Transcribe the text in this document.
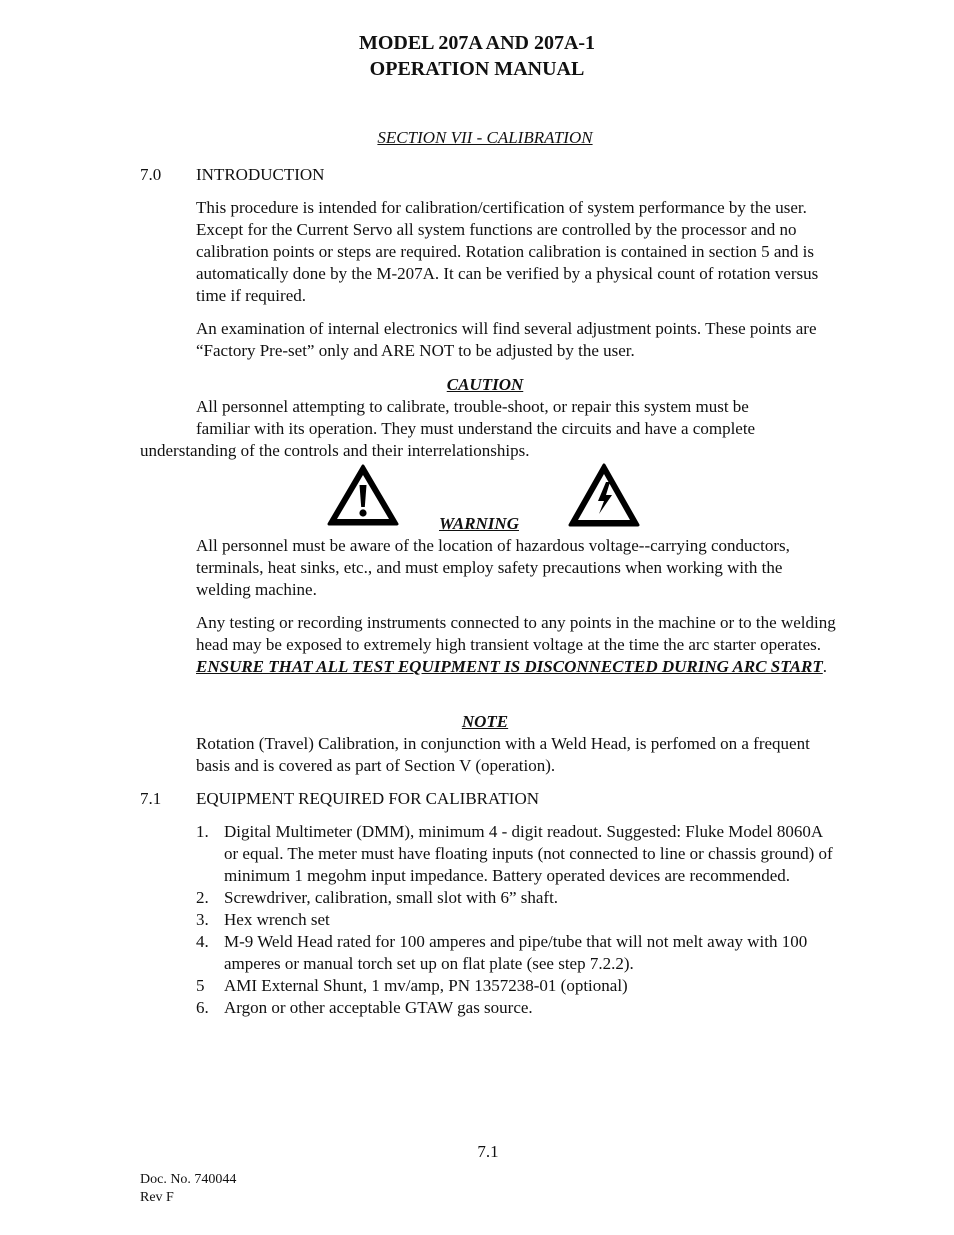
MODEL 207A AND 207A-1
OPERATION MANUAL
SECTION VII - CALIBRATION
7.0 INTRODUCTION

This procedure is intended for calibration/certification of system performance by the user. Except for the Current Servo all system functions are controlled by the processor and no calibration points or steps are required. Rotation calibration is contained in section 5 and is automatically done by the M-207A. It can be verified by a physical count of rotation versus time if required.

An examination of internal electronics will find several adjustment points. These points are “Factory Pre-set” only and ARE NOT to be adjusted by the user.

CAUTION
All personnel attempting to calibrate, trouble-shoot, or repair this system must be
familiar with its operation. They must understand the circuits and have a complete
understanding of the controls and their interrelationships.
WARNING

All personnel must be aware of the location of hazardous voltage--carrying conductors, terminals, heat sinks, etc., and must employ safety precautions when working with the welding machine.

Any testing or recording instruments connected to any points in the machine or to the welding head may be exposed to extremely high transient voltage at the time the arc starter operates. ENSURE THAT ALL TEST EQUIPMENT IS DISCONNECTED DURING ARC START.

NOTE

Rotation (Travel) Calibration, in conjunction with a Weld Head, is perfomed on a frequent basis and is covered as part of Section V (operation).

7.1 EQUIPMENT REQUIRED FOR CALIBRATION
1. Digital Multimeter (DMM), minimum 4 - digit readout. Suggested: Fluke Model 8060A or equal. The meter must have floating inputs (not connected to line or chassis ground) of minimum 1 megohm input impedance. Battery operated devices are recommended.
2. Screwdriver, calibration, small slot with 6” shaft.
3. Hex wrench set
4. M-9 Weld Head rated for 100 amperes and pipe/tube that will not melt away with 100 amperes or manual torch set up on flat plate (see step 7.2.2).
5 AMI External Shunt, 1 mv/amp, PN 1357238-01 (optional)
6. Argon or other acceptable GTAW gas source.
7.1
Doc. No. 740044
Rev F
